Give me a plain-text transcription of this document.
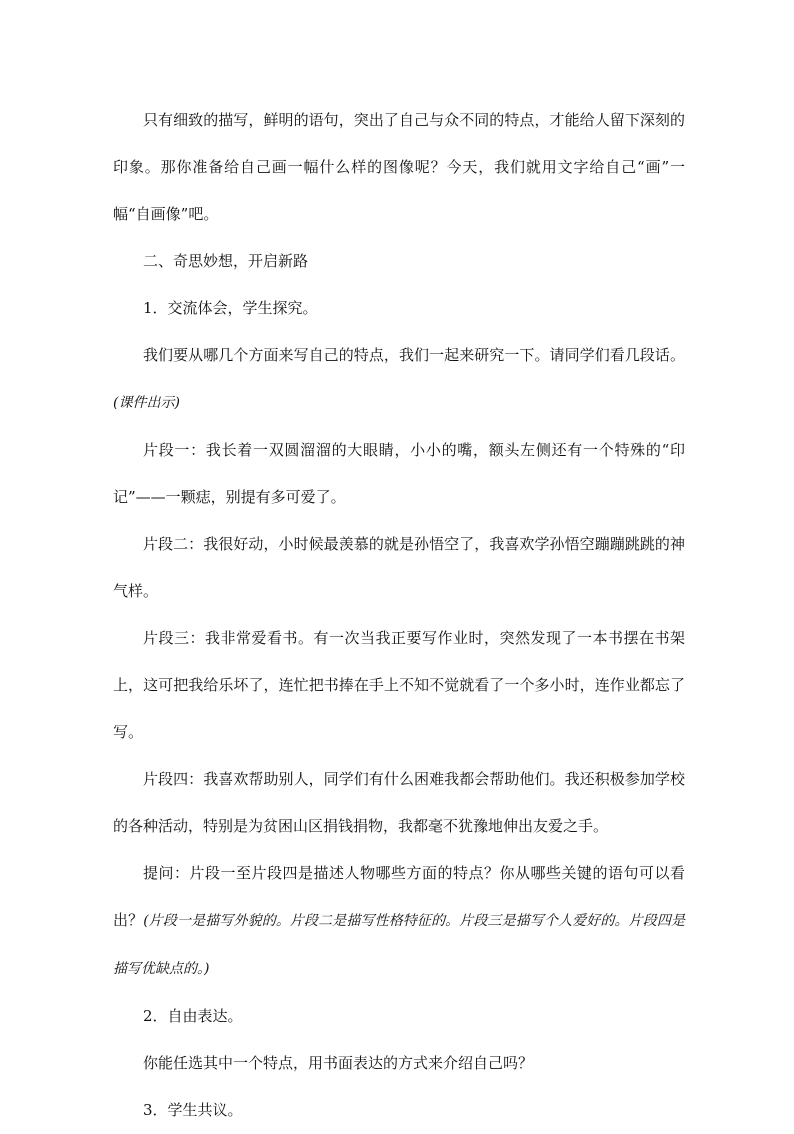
只有细致的描写，鲜明的语句，突出了自己与众不同的特点，才能给人留下深刻的印象。那你准备给自己画一幅什么样的图像呢？今天，我们就用文字给自己“画”一幅“自画像”吧。

二、奇思妙想，开启新路

1．交流体会，学生探究。

我们要从哪几个方面来写自己的特点，我们一起来研究一下。请同学们看几段话。(课件出示)

片段一：我长着一双圆溜溜的大眼睛，小小的嘴，额头左侧还有一个特殊的“印记”——一颗痣，别提有多可爱了。

片段二：我很好动，小时候最羡慕的就是孙悟空了，我喜欢学孙悟空蹦蹦跳跳的神气样。

片段三：我非常爱看书。有一次当我正要写作业时，突然发现了一本书摆在书架上，这可把我给乐坏了，连忙把书捧在手上不知不觉就看了一个多小时，连作业都忘了写。

片段四：我喜欢帮助别人，同学们有什么困难我都会帮助他们。我还积极参加学校的各种活动，特别是为贫困山区捐钱捐物，我都毫不犹豫地伸出友爱之手。

提问：片段一至片段四是描述人物哪些方面的特点？你从哪些关键的语句可以看出？(片段一是描写外貌的。片段二是描写性格特征的。片段三是描写个人爱好的。片段四是描写优缺点的。)

2．自由表达。

你能任选其中一个特点，用书面表达的方式来介绍自己吗？

3．学生共议。
